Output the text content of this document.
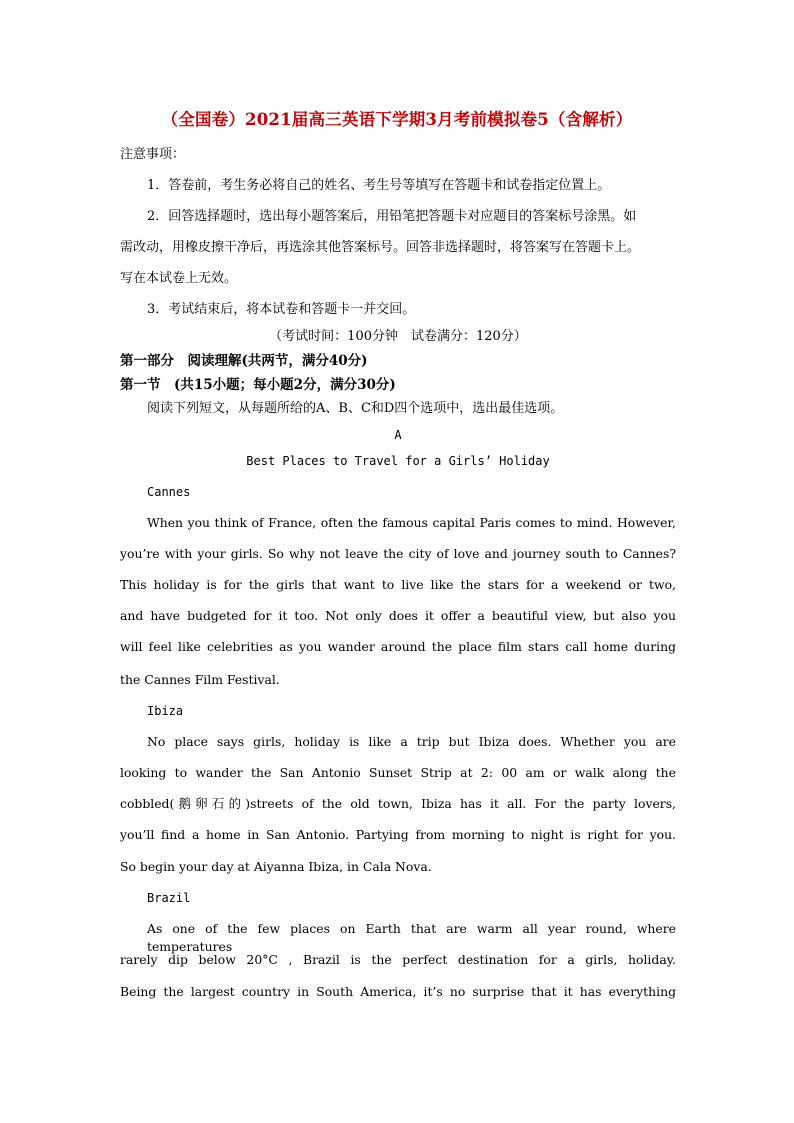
（全国卷）2021届高三英语下学期3月考前模拟卷5（含解析）
注意事项：
1．答卷前，考生务必将自己的姓名、考生号等填写在答题卡和试卷指定位置上。
2．回答选择题时，选出每小题答案后，用铅笔把答题卡对应题目的答案标号涂黑。如
需改动，用橡皮擦干净后，再选涂其他答案标号。回答非选择题时，将答案写在答题卡上。
写在本试卷上无效。
3．考试结束后，将本试卷和答题卡一并交回。
（考试时间：100分钟　试卷满分：120分）
第一部分　阅读理解(共两节，满分40分)
第一节　(共15小题；每小题2分，满分30分)
阅读下列短文，从每题所给的A、B、C和D四个选项中，选出最佳选项。
A
Best Places to Travel for a Girls’ Holiday
Cannes
When you think of France, often the famous capital Paris comes to mind. However,
you’re with your girls. So why not leave the city of love and journey south to Cannes?
This holiday is for the girls that want to live like the stars for a weekend or two,
and have budgeted for it too. Not only does it offer a beautiful view, but also you
will feel like celebrities as you wander around the place film stars call home during
the Cannes Film Festival.
Ibiza
No place says girls, holiday is like a trip but Ibiza does. Whether you are
looking to wander the San Antonio Sunset Strip at 2: 00 am or walk along the
cobbled(鹅卵石的)streets of the old town, Ibiza has it all. For the party lovers,
you’ll find a home in San Antonio. Partying from morning to night is right for you.
So begin your day at Aiyanna Ibiza, in Cala Nova.
Brazil
As one of the few places on Earth that are warm all year round, where temperatures
rarely dip below 20°C , Brazil is the perfect destination for a girls, holiday.
Being the largest country in South America, it’s no surprise that it has everything
